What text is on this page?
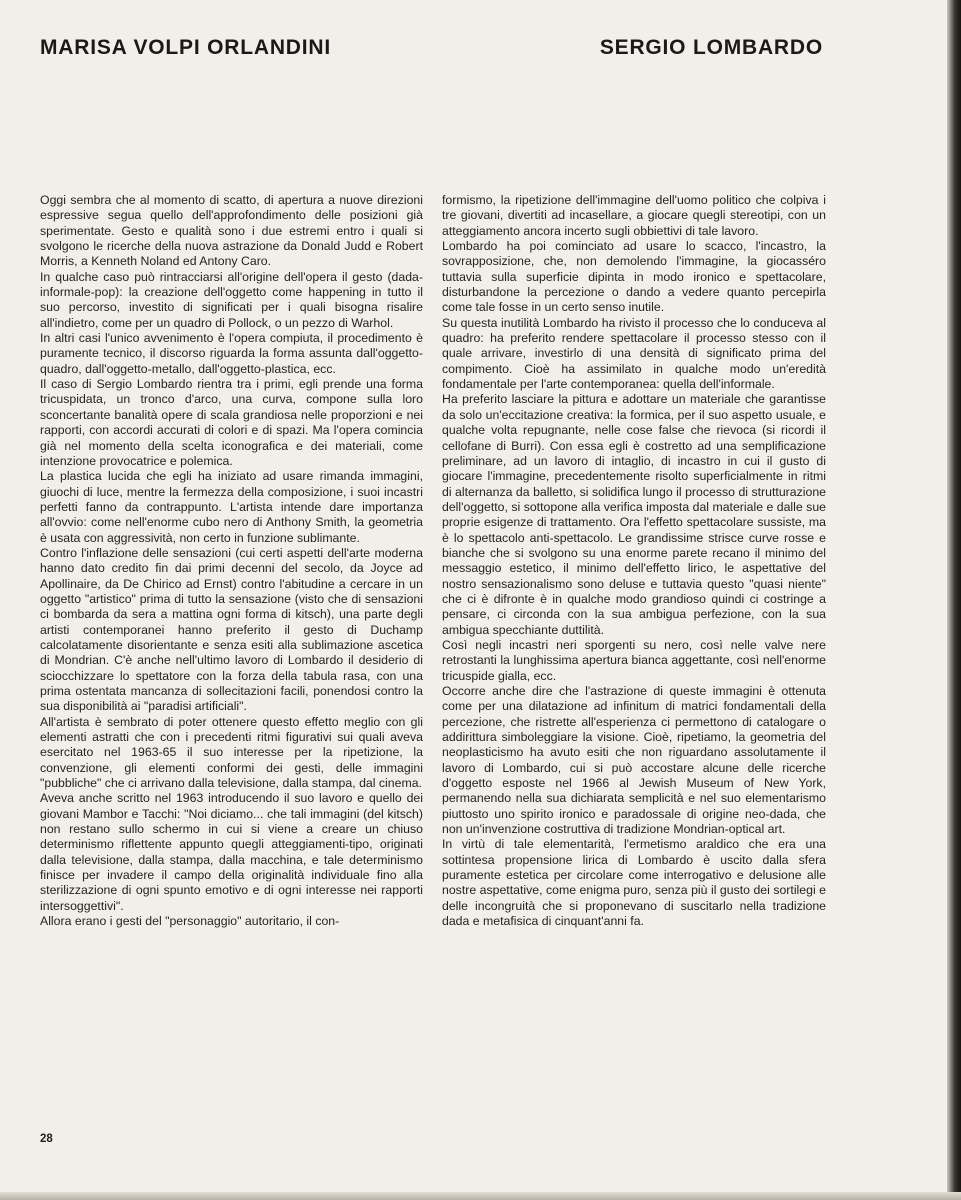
MARISA VOLPI ORLANDINI	SERGIO LOMBARDO

Oggi sembra che al momento di scatto, di apertura a nuove direzioni espressive segua quello dell'approfondimento delle posizioni già sperimentate. Gesto e qualità sono i due estremi entro i quali si svolgono le ricerche della nuova astrazione da Donald Judd e Robert Morris, a Kenneth Noland ed Antony Caro.

In qualche caso può rintracciarsi all'origine dell'opera il gesto (dada-informale-pop): la creazione dell'oggetto come happening in tutto il suo percorso, investito di significati per i quali bisogna risalire all'indietro, come per un quadro di Pollock, o un pezzo di Warhol.

In altri casi l'unico avvenimento è l'opera compiuta, il procedimento è puramente tecnico, il discorso riguarda la forma assunta dall'oggetto-quadro, dall'oggetto-metallo, dall'oggetto-plastica, ecc.

Il caso di Sergio Lombardo rientra tra i primi, egli prende una forma tricuspidata, un tronco d'arco, una curva, compone sulla loro sconcertante banalità opere di scala grandiosa nelle proporzioni e nei rapporti, con accordi accurati di colori e di spazi. Ma l'opera comincia già nel momento della scelta iconografica e dei materiali, come intenzione provocatrice e polemica.

La plastica lucida che egli ha iniziato ad usare rimanda immagini, giuochi di luce, mentre la fermezza della composizione, i suoi incastri perfetti fanno da contrappunto. L'artista intende dare importanza all'ovvio: come nell'enorme cubo nero di Anthony Smith, la geometria è usata con aggressività, non certo in funzione sublimante.

Contro l'inflazione delle sensazioni (cui certi aspetti dell'arte moderna hanno dato credito fin dai primi decenni del secolo, da Joyce ad Apollinaire, da De Chirico ad Ernst) contro l'abitudine a cercare in un oggetto "artistico" prima di tutto la sensazione (visto che di sensazioni ci bombarda da sera a mattina ogni forma di kitsch), una parte degli artisti contemporanei hanno preferito il gesto di Duchamp calcolatamente disorientante e senza esiti alla sublimazione ascetica di Mondrian. C'è anche nell'ultimo lavoro di Lombardo il desiderio di sciocchizzare lo spettatore con la forza della tabula rasa, con una prima ostentata mancanza di sollecitazioni facili, ponendosi contro la sua disponibilità ai "paradisi artificiali".

All'artista è sembrato di poter ottenere questo effetto meglio con gli elementi astratti che con i precedenti ritmi figurativi sui quali aveva esercitato nel 1963-65 il suo interesse per la ripetizione, la convenzione, gli elementi conformi dei gesti, delle immagini "pubbliche" che ci arrivano dalla televisione, dalla stampa, dal cinema.

Aveva anche scritto nel 1963 introducendo il suo lavoro e quello dei giovani Mambor e Tacchi: "Noi diciamo... che tali immagini (del kitsch) non restano sullo schermo in cui si viene a creare un chiuso determinismo riflettente appunto quegli atteggiamenti-tipo, originati dalla televisione, dalla stampa, dalla macchina, e tale determinismo finisce per invadere il campo della originalità individuale fino alla sterilizzazione di ogni spunto emotivo e di ogni interesse nei rapporti intersoggettivi".

Allora erano i gesti del "personaggio" autoritario, il con-

formismo, la ripetizione dell'immagine dell'uomo politico che colpiva i tre giovani, divertiti ad incasellare, a giocare quegli stereotipi, con un atteggiamento ancora incerto sugli obbiettivi di tale lavoro.

Lombardo ha poi cominciato ad usare lo scacco, l'incastro, la sovrapposizione, che, non demolendo l'immagine, la giocasséro tuttavia sulla superficie dipinta in modo ironico e spettacolare, disturbandone la percezione o dando a vedere quanto percepirla come tale fosse in un certo senso inutile.

Su questa inutilità Lombardo ha rivisto il processo che lo conduceva al quadro: ha preferito rendere spettacolare il processo stesso con il quale arrivare, investirlo di una densità di significato prima del compimento. Cioè ha assimilato in qualche modo un'eredità fondamentale per l'arte contemporanea: quella dell'informale.

Ha preferito lasciare la pittura e adottare un materiale che garantisse da solo un'eccitazione creativa: la formica, per il suo aspetto usuale, e qualche volta repugnante, nelle cose false che rievoca (si ricordi il cellofane di Burri). Con essa egli è costretto ad una semplificazione preliminare, ad un lavoro di intaglio, di incastro in cui il gusto di giocare l'immagine, precedentemente risolto superficialmente in ritmi di alternanza da balletto, si solidifica lungo il processo di strutturazione dell'oggetto, si sottopone alla verifica imposta dal materiale e dalle sue proprie esigenze di trattamento. Ora l'effetto spettacolare sussiste, ma è lo spettacolo anti-spettacolo. Le grandissime strisce curve rosse e bianche che si svolgono su una enorme parete recano il minimo del messaggio estetico, il minimo dell'effetto lirico, le aspettative del nostro sensazionalismo sono deluse e tuttavia questo "quasi niente" che ci è difronte è in qualche modo grandioso quindi ci costringe a pensare, ci circonda con la sua ambigua perfezione, con la sua ambigua specchiante duttilità.

Così negli incastri neri sporgenti su nero, così nelle valve nere retrostanti la lunghissima apertura bianca aggettante, così nell'enorme tricuspide gialla, ecc.

Occorre anche dire che l'astrazione di queste immagini è ottenuta come per una dilatazione ad infinitum di matrici fondamentali della percezione, che ristrette all'esperienza ci permettono di catalogare o addirittura simboleggiare la visione. Cioè, ripetiamo, la geometria del neoplasticismo ha avuto esiti che non riguardano assolutamente il lavoro di Lombardo, cui si può accostare alcune delle ricerche d'oggetto esposte nel 1966 al Jewish Museum of New York, permanendo nella sua dichiarata semplicità e nel suo elementarismo piuttosto uno spirito ironico e paradossale di origine neo-dada, che non un'invenzione costruttiva di tradizione Mondrian-optical art.

In virtù di tale elementarità, l'ermetismo araldico che era una sottintesa propensione lirica di Lombardo è uscito dalla sfera puramente estetica per circolare come interrogativo e delusione alle nostre aspettative, come enigma puro, senza più il gusto dei sortilegi e delle incongruità che si proponevano di suscitarlo nella tradizione dada e metafisica di cinquant'anni fa.

28
